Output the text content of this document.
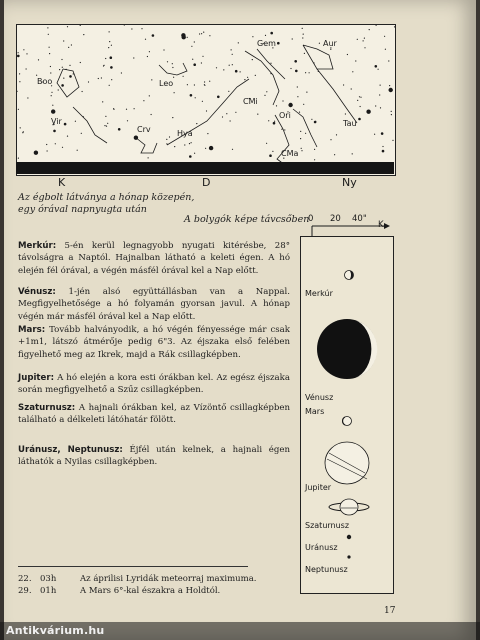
Boo	Leo
Gem	Aur
CMi
Ori
Vir
Crv	Hya
Tau
CMa
K	D	Ny
Az égbolt látványa a hónap közepén,
egy órával napnyugta után
A bolygók képe távcsőben
0 20 40"
K
Merkúr
Vénusz
Mars
Jupiter
Szaturnusz
Uránusz
Neptunusz
Merkúr: 5-én kerül legnagyobb nyugati kitérésbe, 28° távolságra a Naptól. Hajnalban látható a keleti égen. A hó elején fél órával, a végén másfél órával kel a Nap előtt.
Vénusz: 1-jén alsó együttállásban van a Nappal. Megfigyelhetősége a hó folyamán gyorsan javul. A hónap végén már másfél órával kel a Nap előtt.
Mars: Tovább halványodik, a hó végén fényessége már csak +1m1, látszó átmérője pedig 6"3. Az éjszaka első felében figyelhető meg az Ikrek, majd a Rák csillagképben.
Jupiter: A hó elején a kora esti órákban kel. Az egész éjszaka során megfigyelhető a Szűz csillagképben.
Szaturnusz: A hajnali órákban kel, az Vízöntő csillagképben található a délkeleti látóhatár fölött.
Uránusz, Neptunusz: Éjfél után kelnek, a hajnali égen láthatók a Nyilas csillagképben.
22. 03h	Az áprilisi Lyridák meteorraj maximuma.
29. 01h	A Mars 6°-kal északra a Holdtól.
17
Antikvárium.hu
